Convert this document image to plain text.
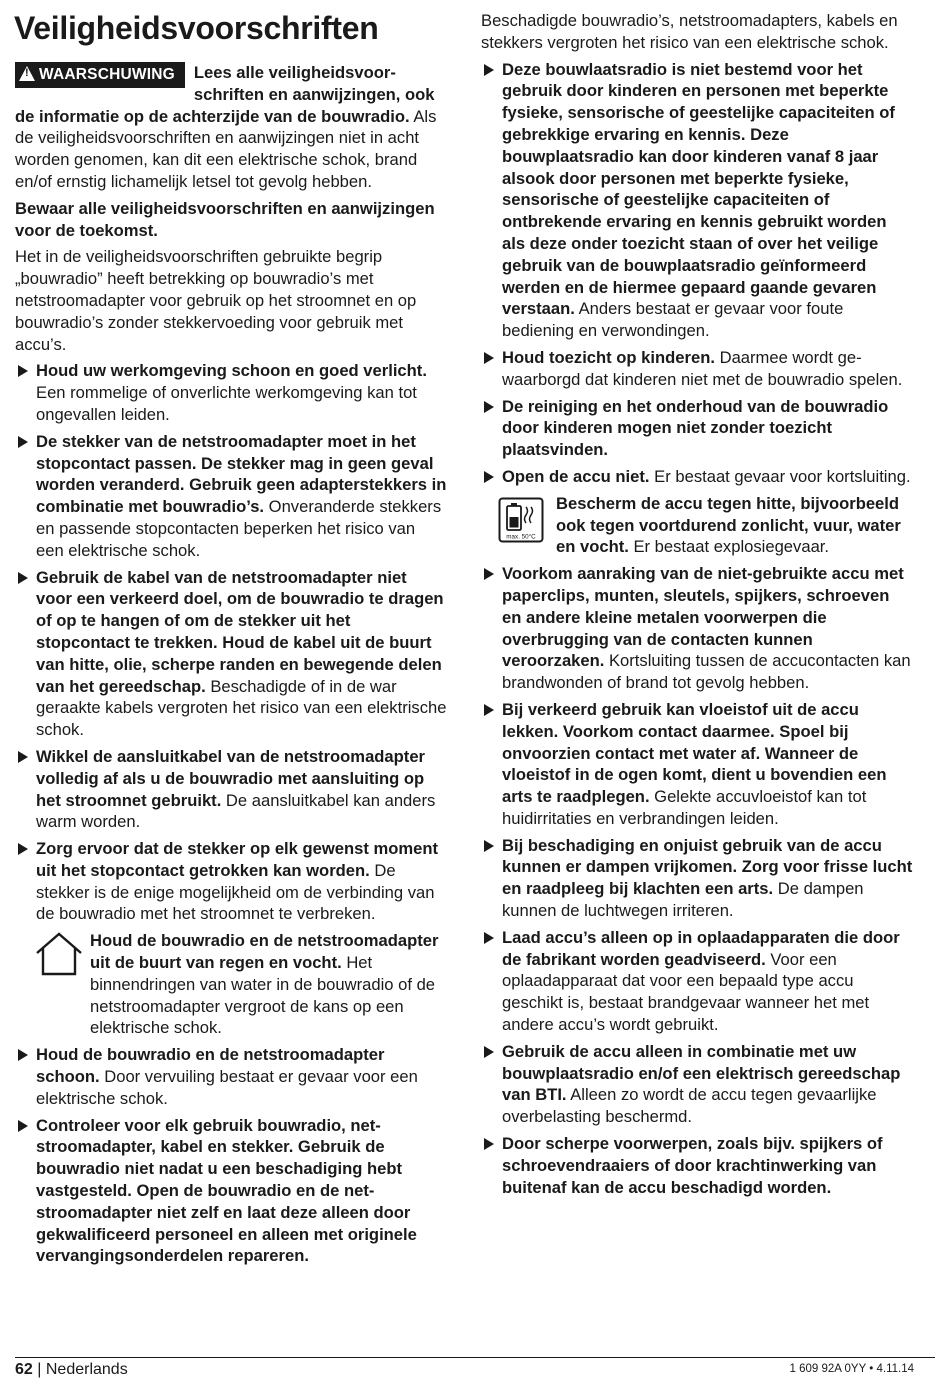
Veiligheidsvoorschriften

!WAARSCHUWING	Lees alle veiligheidsvoorschriften en aanwijzingen, ook de informatie op de achterzijde van de bouwradio. Als de veiligheidsvoorschriften en aanwijzingen niet in acht worden genomen, kan dit een elektrische schok, brand en/of ernstig lichamelijk letsel tot gevolg hebben.

Bewaar alle veiligheidsvoorschriften en aanwijzingen voor de toekomst.

Het in de veiligheidsvoorschriften gebruikte begrip „bouwradio” heeft betrekking op bouwradio’s met netstroomadapter voor gebruik op het stroomnet en op bouwradio’s zonder stekkervoeding voor gebruik met accu’s.

Houd uw werkomgeving schoon en goed verlicht. Een rommelige of onverlichte werkomgeving kan tot ongevallen leiden.
De stekker van de netstroomadapter moet in het stopcontact passen. De stekker mag in geen geval worden veranderd. Gebruik geen adapterstekkers in combinatie met bouwradio’s. Onveranderde stekkers en passende stopcontacten beperken het risico van een elektrische schok.
Gebruik de kabel van de netstroomadapter niet voor een verkeerd doel, om de bouwradio te dragen of op te hangen of om de stekker uit het stopcontact te trekken. Houd de kabel uit de buurt van hitte, olie, scherpe randen en bewegende delen van het gereedschap. Beschadigde of in de war geraakte kabels vergroten het risico van een elektrische schok.
Wikkel de aansluitkabel van de netstroomadapter volledig af als u de bouwradio met aansluiting op het stroomnet gebruikt. De aansluitkabel kan anders warm worden.
Zorg ervoor dat de stekker op elk gewenst moment uit het stopcontact getrokken kan worden. De stekker is de enige mogelijkheid om de verbinding van de bouwradio met het stroomnet te verbreken.
Houd de bouwradio en de netstroomadapter uit de buurt van regen en vocht. Het binnendringen van water in de bouwradio of de netstroomadapter vergroot de kans op een elektrische schok.
Houd de bouwradio en de netstroomadapter schoon. Door vervuiling bestaat er gevaar voor een elektrische schok.
Controleer voor elk gebruik bouwradio, netstroomadapter, kabel en stekker. Gebruik de bouwradio niet nadat u een beschadiging hebt vastgesteld. Open de bouwradio en de netstroomadapter niet zelf en laat deze alleen door gekwalificeerd personeel en alleen met originele vervangingsonderdelen repareren.

Beschadigde bouwradio’s, netstroomadapters, kabels en stekkers vergroten het risico van een elektrische schok.

Deze bouwlaatsradio is niet bestemd voor het gebruik door kinderen en personen met beperkte fysieke, sensorische of geestelijke capaciteiten of gebrekkige ervaring en kennis. Deze bouwplaatsradio kan door kinderen vanaf 8 jaar alsook door personen met beperkte fysieke, sensorische of geestelijke capaciteiten of ontbrekende ervaring en kennis gebruikt worden als deze onder toezicht staan of over het veilige gebruik van de bouwplaatsradio geïnformeerd werden en de hiermee gepaard gaande gevaren verstaan. Anders bestaat er gevaar voor foute bediening en verwondingen.
Houd toezicht op kinderen. Daarmee wordt gewaarborgd dat kinderen niet met de bouwradio spelen.
De reiniging en het onderhoud van de bouwradio door kinderen mogen niet zonder toezicht plaatsvinden.
Open de accu niet. Er bestaat gevaar voor kortsluiting.
max. 50°C
Bescherm de accu tegen hitte, bijvoorbeeld ook tegen voortdurend zonlicht, vuur, water en vocht. Er bestaat explosiegevaar.
Voorkom aanraking van de niet-gebruikte accu met paperclips, munten, sleutels, spijkers, schroeven en andere kleine metalen voorwerpen die overbrugging van de contacten kunnen veroorzaken. Kortsluiting tussen de accucontacten kan brandwonden of brand tot gevolg hebben.
Bij verkeerd gebruik kan vloeistof uit de accu lekken. Voorkom contact daarmee. Spoel bij onvoorzien contact met water af. Wanneer de vloeistof in de ogen komt, dient u bovendien een arts te raadplegen. Gelekte accuvloeistof kan tot huidirritaties en verbrandingen leiden.
Bij beschadiging en onjuist gebruik van de accu kunnen er dampen vrijkomen. Zorg voor frisse lucht en raadpleeg bij klachten een arts. De dampen kunnen de luchtwegen irriteren.
Laad accu’s alleen op in oplaadapparaten die door de fabrikant worden geadviseerd. Voor een oplaadapparaat dat voor een bepaald type accu geschikt is, bestaat brandgevaar wanneer het met andere accu’s wordt gebruikt.
Gebruik de accu alleen in combinatie met uw bouwplaatsradio en/of een elektrisch gereedschap van BTI. Alleen zo wordt de accu tegen gevaarlijke overbelasting beschermd.
Door scherpe voorwerpen, zoals bijv. spijkers of schroevendraaiers of door krachtinwerking van buitenaf kan de accu beschadigd worden.
62 | Nederlands	1 609 92A 0YY • 4.11.14
